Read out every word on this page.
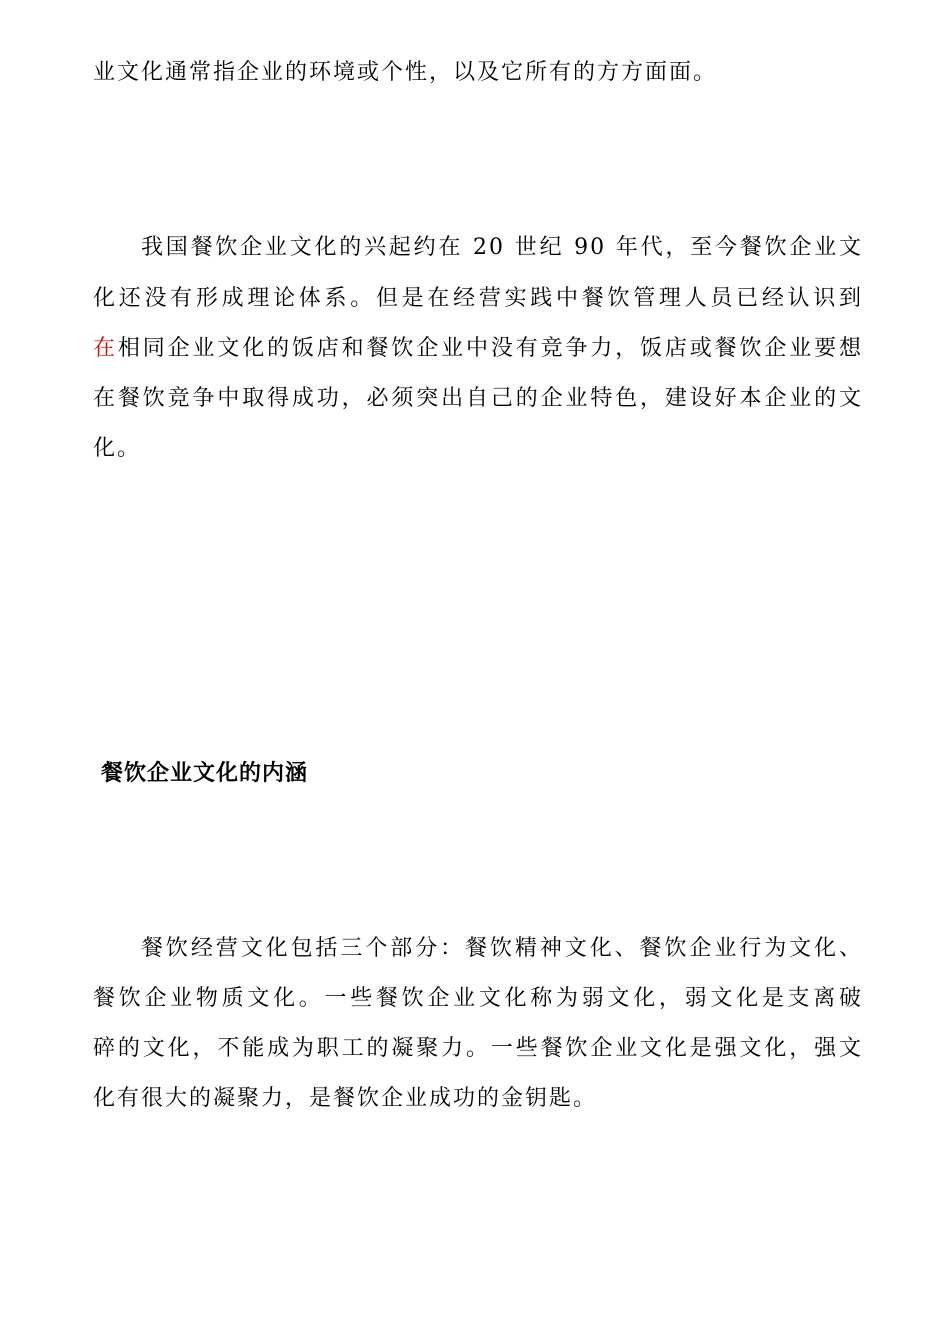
业文化通常指企业的环境或个性，以及它所有的方方面面。
我国餐饮企业文化的兴起约在 20 世纪 90 年代，至今餐饮企业文
化还没有形成理论体系。但是在经营实践中餐饮管理人员已经认识到
在相同企业文化的饭店和餐饮企业中没有竞争力，饭店或餐饮企业要想
在餐饮竞争中取得成功，必须突出自己的企业特色，建设好本企业的文
化。
餐饮企业文化的内涵
餐饮经营文化包括三个部分：餐饮精神文化、餐饮企业行为文化、
餐饮企业物质文化。一些餐饮企业文化称为弱文化，弱文化是支离破
碎的文化，不能成为职工的凝聚力。一些餐饮企业文化是强文化，强文
化有很大的凝聚力，是餐饮企业成功的金钥匙。
